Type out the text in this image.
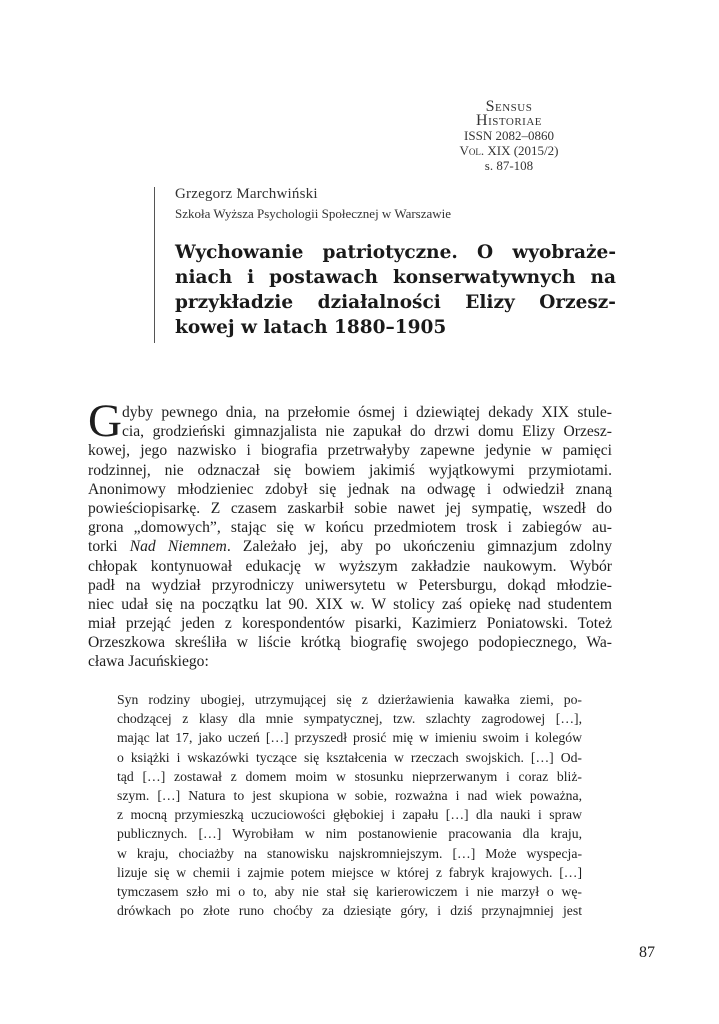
Sensus
Historiae
ISSN 2082–0860
Vol. XIX (2015/2)
s. 87-108
Grzegorz Marchwiński
Szkoła Wyższa Psychologii Społecznej w Warszawie
Wychowanie patriotyczne. O wyobraże-
niach i postawach konserwatywnych na
przykładzie działalności Elizy Orzesz-
kowej w latach 1880–1905
G dyby pewnego dnia, na przełomie ósmej i dziewiątej dekady XIX stule-
cia, grodzieński gimnazjalista nie zapukał do drzwi domu Elizy Orzesz-
kowej, jego nazwisko i biografia przetrwałyby zapewne jedynie w pamięci
rodzinnej, nie odznaczał się bowiem jakimiś wyjątkowymi przymiotami.
Anonimowy młodzieniec zdobył się jednak na odwagę i odwiedził znaną
powieściopisarkę. Z czasem zaskarbił sobie nawet jej sympatię, wszedł do
grona „domowych”, stając się w końcu przedmiotem trosk i zabiegów au-
torki Nad Niemnem. Zależało jej, aby po ukończeniu gimnazjum zdolny
chłopak kontynuował edukację w wyższym zakładzie naukowym. Wybór
padł na wydział przyrodniczy uniwersytetu w Petersburgu, dokąd młodzie-
niec udał się na początku lat 90. XIX w. W stolicy zaś opiekę nad studentem
miał przejąć jeden z korespondentów pisarki, Kazimierz Poniatowski. Toteż
Orzeszkowa skreśliła w liście krótką biografię swojego podopiecznego, Wa-
cława Jacuńskiego:
Syn rodziny ubogiej, utrzymującej się z dzierżawienia kawałka ziemi, po-
chodzącej z klasy dla mnie sympatycznej, tzw. szlachty zagrodowej […],
mając lat 17, jako uczeń […] przyszedł prosić mię w imieniu swoim i kolegów
o książki i wskazówki tyczące się kształcenia w rzeczach swojskich. […] Od-
tąd […] zostawał z domem moim w stosunku nieprzerwanym i coraz bliż-
szym. […] Natura to jest skupiona w sobie, rozważna i nad wiek poważna,
z mocną przymieszką uczuciowości głębokiej i zapału […] dla nauki i spraw
publicznych. […] Wyrobiłam w nim postanowienie pracowania dla kraju,
w kraju, chociażby na stanowisku najskromniejszym. […] Może wyspecja-
lizuje się w chemii i zajmie potem miejsce w której z fabryk krajowych. […]
tymczasem szło mi o to, aby nie stał się karierowiczem i nie marzył o wę-
drówkach po złote runo choćby za dziesiąte góry, i dziś przynajmniej jest
87
